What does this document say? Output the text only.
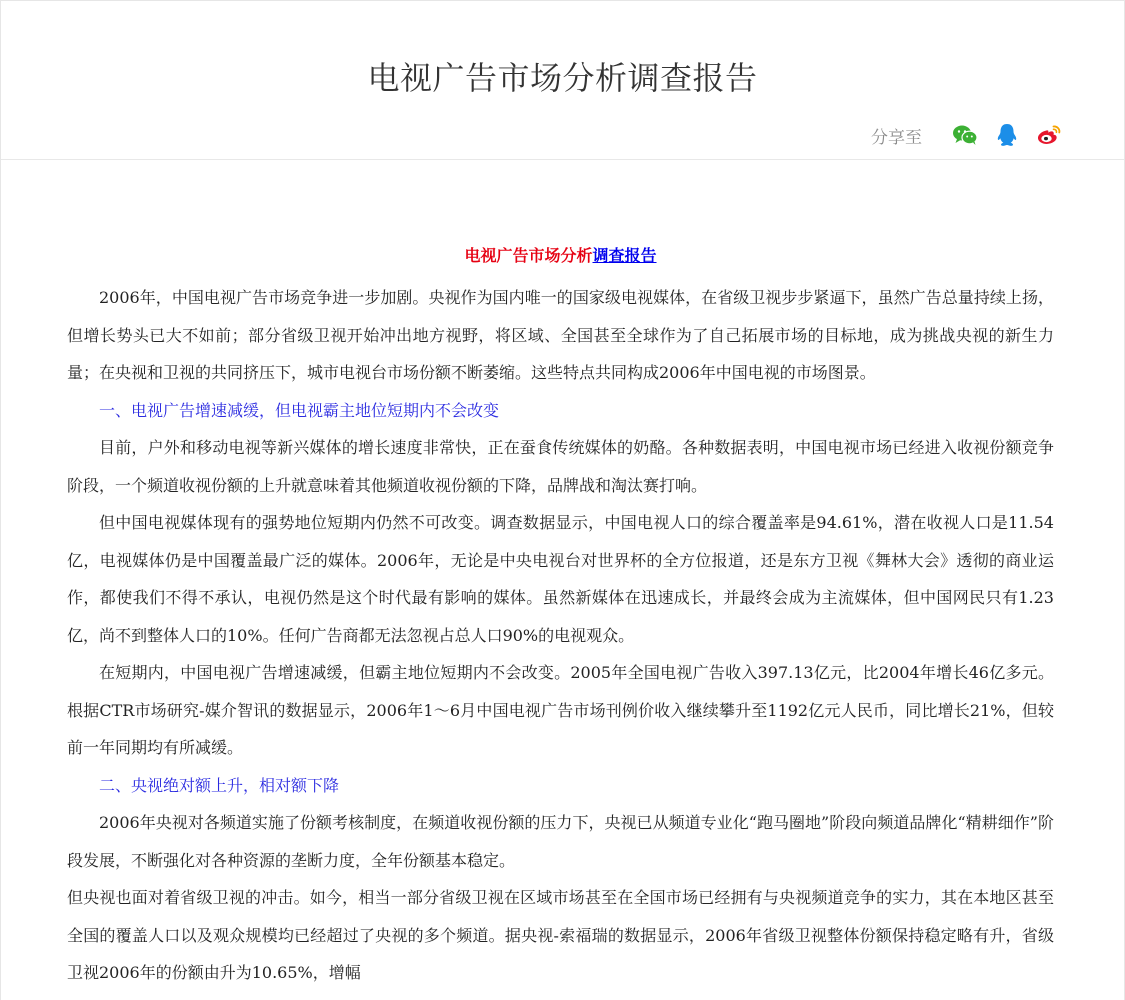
电视广告市场分析调查报告
分享至
电视广告市场分析调查报告

2006年，中国电视广告市场竞争进一步加剧。央视作为国内唯一的国家级电视媒体，在省级卫视步步紧逼下，虽然广告总量持续上扬，但增长势头已大不如前；部分省级卫视开始冲出地方视野，将区域、全国甚至全球作为了自己拓展市场的目标地，成为挑战央视的新生力量；在央视和卫视的共同挤压下，城市电视台市场份额不断萎缩。这些特点共同构成2006年中国电视的市场图景。

一、电视广告增速减缓，但电视霸主地位短期内不会改变

目前，户外和移动电视等新兴媒体的增长速度非常快，正在蚕食传统媒体的奶酪。各种数据表明，中国电视市场已经进入收视份额竞争阶段，一个频道收视份额的上升就意味着其他频道收视份额的下降，品牌战和淘汰赛打响。

但中国电视媒体现有的强势地位短期内仍然不可改变。调查数据显示，中国电视人口的综合覆盖率是94.61%，潜在收视人口是11.54亿，电视媒体仍是中国覆盖最广泛的媒体。2006年，无论是中央电视台对世界杯的全方位报道，还是东方卫视《舞林大会》透彻的商业运作，都使我们不得不承认，电视仍然是这个时代最有影响的媒体。虽然新媒体在迅速成长，并最终会成为主流媒体，但中国网民只有1.23亿，尚不到整体人口的10%。任何广告商都无法忽视占总人口90%的电视观众。

在短期内，中国电视广告增速减缓，但霸主地位短期内不会改变。2005年全国电视广告收入397.13亿元，比2004年增长46亿多元。根据CTR市场研究-媒介智讯的数据显示，2006年1～6月中国电视广告市场刊例价收入继续攀升至1192亿元人民币，同比增长21%，但较前一年同期均有所减缓。

二、央视绝对额上升，相对额下降

2006年央视对各频道实施了份额考核制度，在频道收视份额的压力下，央视已从频道专业化“跑马圈地”阶段向频道品牌化“精耕细作”阶段发展，不断强化对各种资源的垄断力度，全年份额基本稳定。

但央视也面对着省级卫视的冲击。如今，相当一部分省级卫视在区域市场甚至在全国市场已经拥有与央视频道竞争的实力，其在本地区甚至全国的覆盖人口以及观众规模均已经超过了央视的多个频道。据央视-索福瑞的数据显示，2006年省级卫视整体份额保持稳定略有升，省级卫视2006年的份额由升为10.65%，增幅
